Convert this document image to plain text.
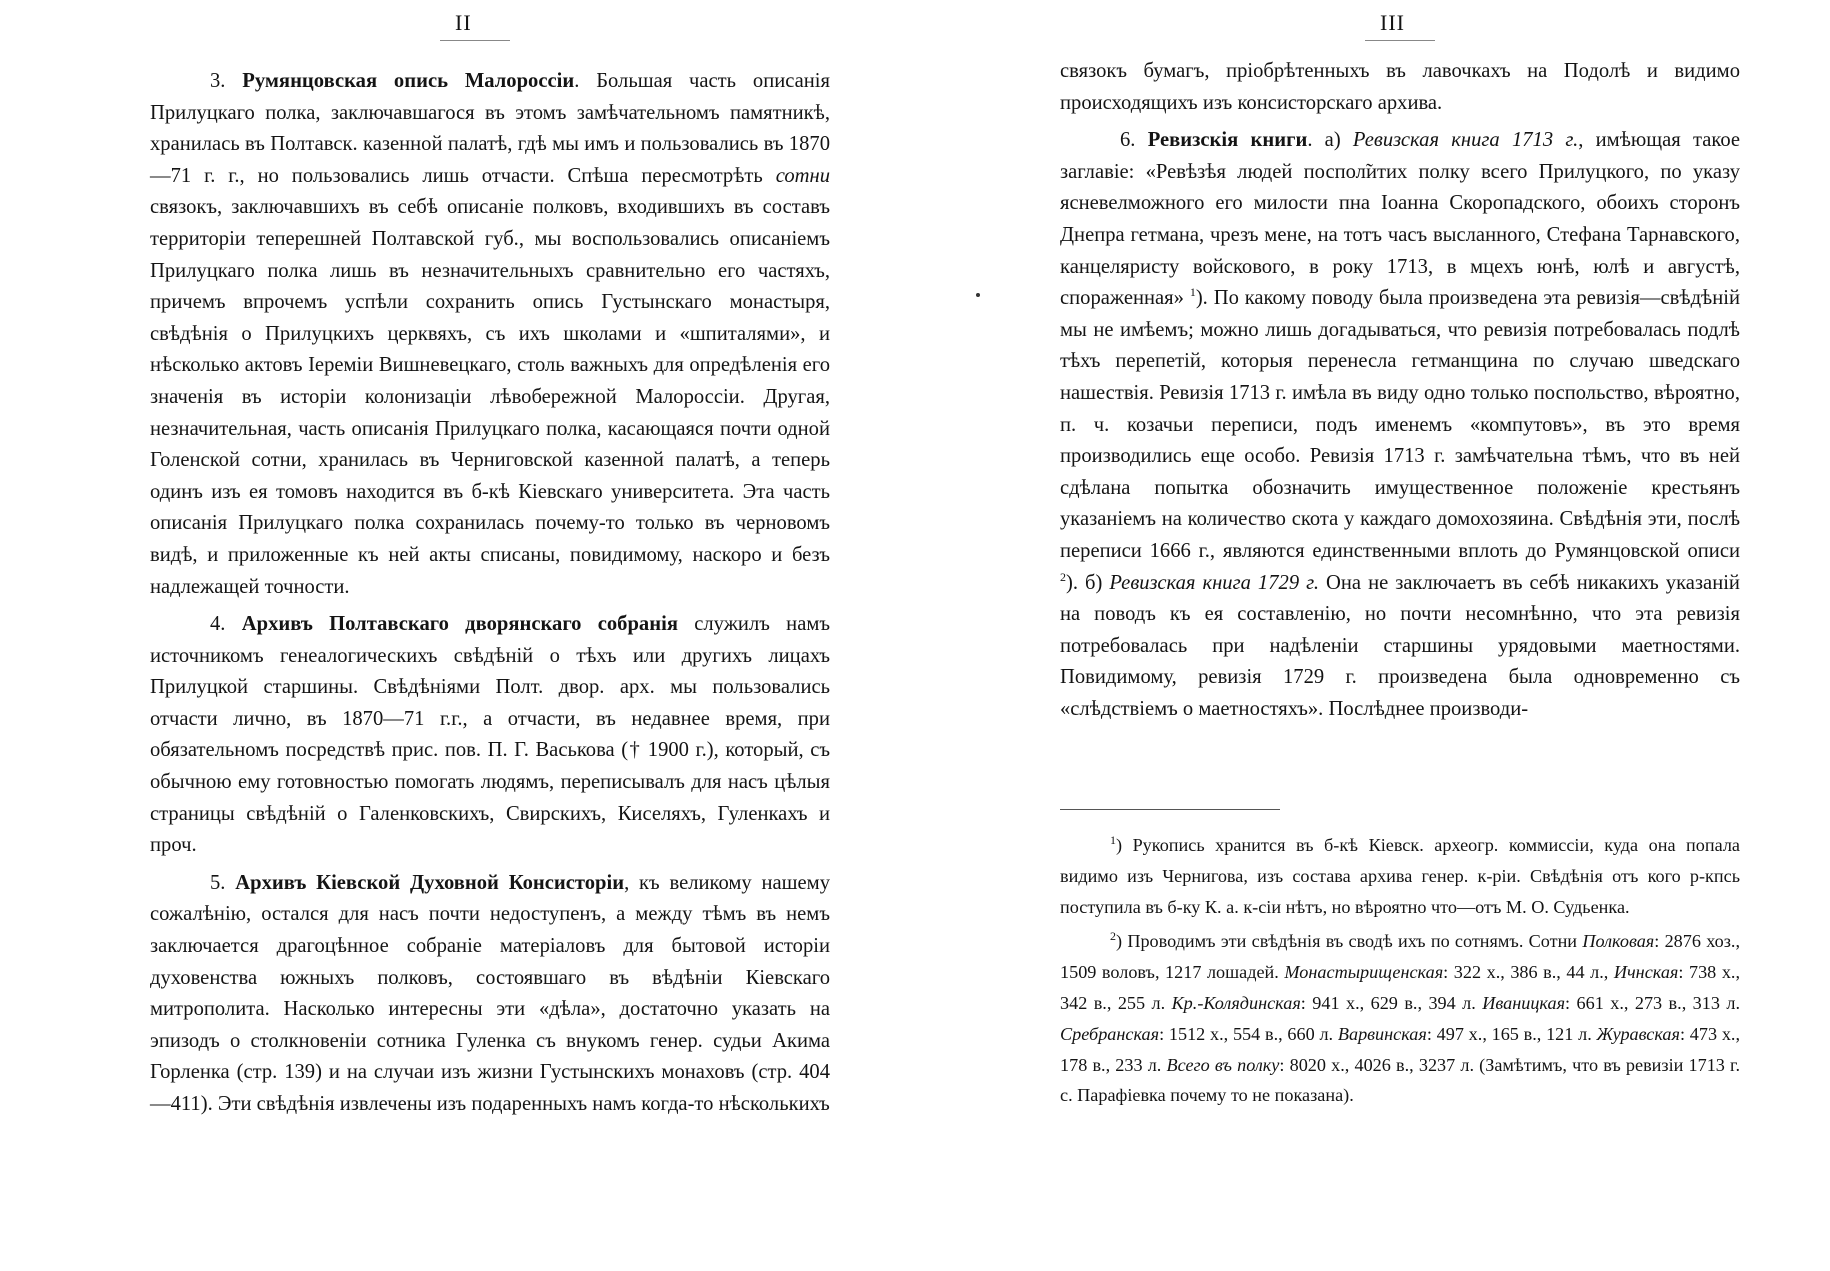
II

3. Румянцовская опись Малороссіи. Большая часть описанія Прилуцкаго полка, заключавшагося въ этомъ замѣчательномъ памятникѣ, хранилась въ Полтавск. казенной палатѣ, гдѣ мы имъ и пользовались въ 1870—71 г. г., но пользовались лишь отчасти. Спѣша пересмотрѣть сотни связокъ, заключавшихъ въ себѣ описаніе полковъ, входившихъ въ составъ территоріи теперешней Полтавской губ., мы воспользовались описаніемъ Прилуцкаго полка лишь въ незначительныхъ сравнительно его частяхъ, причемъ впрочемъ успѣли сохранить опись Густынскаго монастыря, свѣдѣнія о Прилуцкихъ церквяхъ, съ ихъ школами и «шпиталями», и нѣсколько актовъ Іереміи Вишневецкаго, столь важныхъ для опредѣленія его значенія въ исторіи колонизаціи лѣвобережной Малороссіи. Другая, незначительная, часть описанія Прилуцкаго полка, касающаяся почти одной Голенской сотни, хранилась въ Черниговской казенной палатѣ, а теперь одинъ изъ ея томовъ находится въ б-кѣ Кіевскаго университета. Эта часть описанія Прилуцкаго полка сохранилась почему-то только въ черновомъ видѣ, и приложенные къ ней акты списаны, повидимому, наскоро и безъ надлежащей точности.

4. Архивъ Полтавскаго дворянскаго собранія служилъ намъ источникомъ генеалогическихъ свѣдѣній о тѣхъ или другихъ лицахъ Прилуцкой старшины. Свѣдѣніями Полт. двор. арх. мы пользовались отчасти лично, въ 1870—71 г.г., а отчасти, въ недавнее время, при обязательномъ посредствѣ прис. пов. П. Г. Васькова († 1900 г.), который, съ обычною ему готовностью помогать людямъ, переписывалъ для насъ цѣлыя страницы свѣдѣній о Галенковскихъ, Свирскихъ, Киселяхъ, Гуленкахъ и проч.

5. Архивъ Кіевской Духовной Консисторіи, къ великому нашему сожалѣнію, остался для насъ почти недоступенъ, а между тѣмъ въ немъ заключается драгоцѣнное собраніе матеріаловъ для бытовой исторіи духовенства южныхъ полковъ, состоявшаго въ вѣдѣніи Кіевскаго митрополита. Насколько интересны эти «дѣла», достаточно указать на эпизодъ о столкновеніи сотника Гуленка съ внукомъ генер. судьи Акима Горленка (стр. 139) и на случаи изъ жизни Густынскихъ монаховъ (стр. 404—411). Эти свѣдѣнія извлечены изъ подаренныхъ намъ когда-то нѣсколькихъ

III

связокъ бумагъ, пріобрѣтенныхъ въ лавочкахъ на Подолѣ и видимо происходящихъ изъ консисторскаго архива.

6. Ревизскія книги. а) Ревизская книга 1713 г., имѣющая такое заглавіе: «Ревѣзѣя людей поспол̃итих полку всего Прилуцкого, по указу ясневелможного его милости пна Іоанна Скоропадского, обоихъ сторонъ Днепра гетмана, чрезъ мене, на тотъ часъ высланного, Стефана Тарнавского, канцеляристу войскового, в року 1713, в мцехъ юнѣ, юлѣ и августѣ, спораженная» $^1$). По какому поводу была произведена эта ревизія—свѣдѣній мы не имѣемъ; можно лишь догадываться, что ревизія потребовалась подлѣ тѣхъ перепетій, которыя перенесла гетманщина по случаю шведскаго нашествія. Ревизія 1713 г. имѣла въ виду одно только поспольство, вѣроятно, п. ч. козачьи переписи, подъ именемъ «компутовъ», въ это время производились еще особо. Ревизія 1713 г. замѣчательна тѣмъ, что въ ней сдѣлана попытка обозначить имущественное положеніе крестьянъ указаніемъ на количество скота у каждаго домохозяина. Свѣдѣнія эти, послѣ переписи 1666 г., являются единственными вплоть до Румянцовской описи $^2$). б) Ревизская книга 1729 г. Она не заключаетъ въ себѣ никакихъ указаній на поводъ къ ея составленію, но почти несомнѣнно, что эта ревизія потребовалась при надѣленіи старшины урядовыми маетностями. Повидимому, ревизія 1729 г. произведена была одновременно съ «слѣдствіемъ о маетностяхъ». Послѣднее производи-

$^1$) Рукопись хранится въ б-кѣ Кіевск. археогр. коммиссіи, куда она попала видимо изъ Чернигова, изъ состава архива генер. к-ріи. Свѣдѣнія отъ кого р-кпсь поступила въ б-ку К. а. к-сіи нѣтъ, но вѣроятно что—отъ М. О. Судьенка.

$^2$) Проводимъ эти свѣдѣнія въ сводѣ ихъ по сотнямъ. Сотни Полковая: 2876 хоз., 1509 воловъ, 1217 лошадей. Монастырищенская: 322 х., 386 в., 44 л., Ичнская: 738 х., 342 в., 255 л. Кр.-Колядинская: 941 х., 629 в., 394 л. Иваницкая: 661 х., 273 в., 313 л. Сребранская: 1512 х., 554 в., 660 л. Варвинская: 497 х., 165 в., 121 л. Журавская: 473 х., 178 в., 233 л. Всего въ полку: 8020 х., 4026 в., 3237 л. (Замѣтимъ, что въ ревизіи 1713 г. с. Парафіевка почему то не показана).
